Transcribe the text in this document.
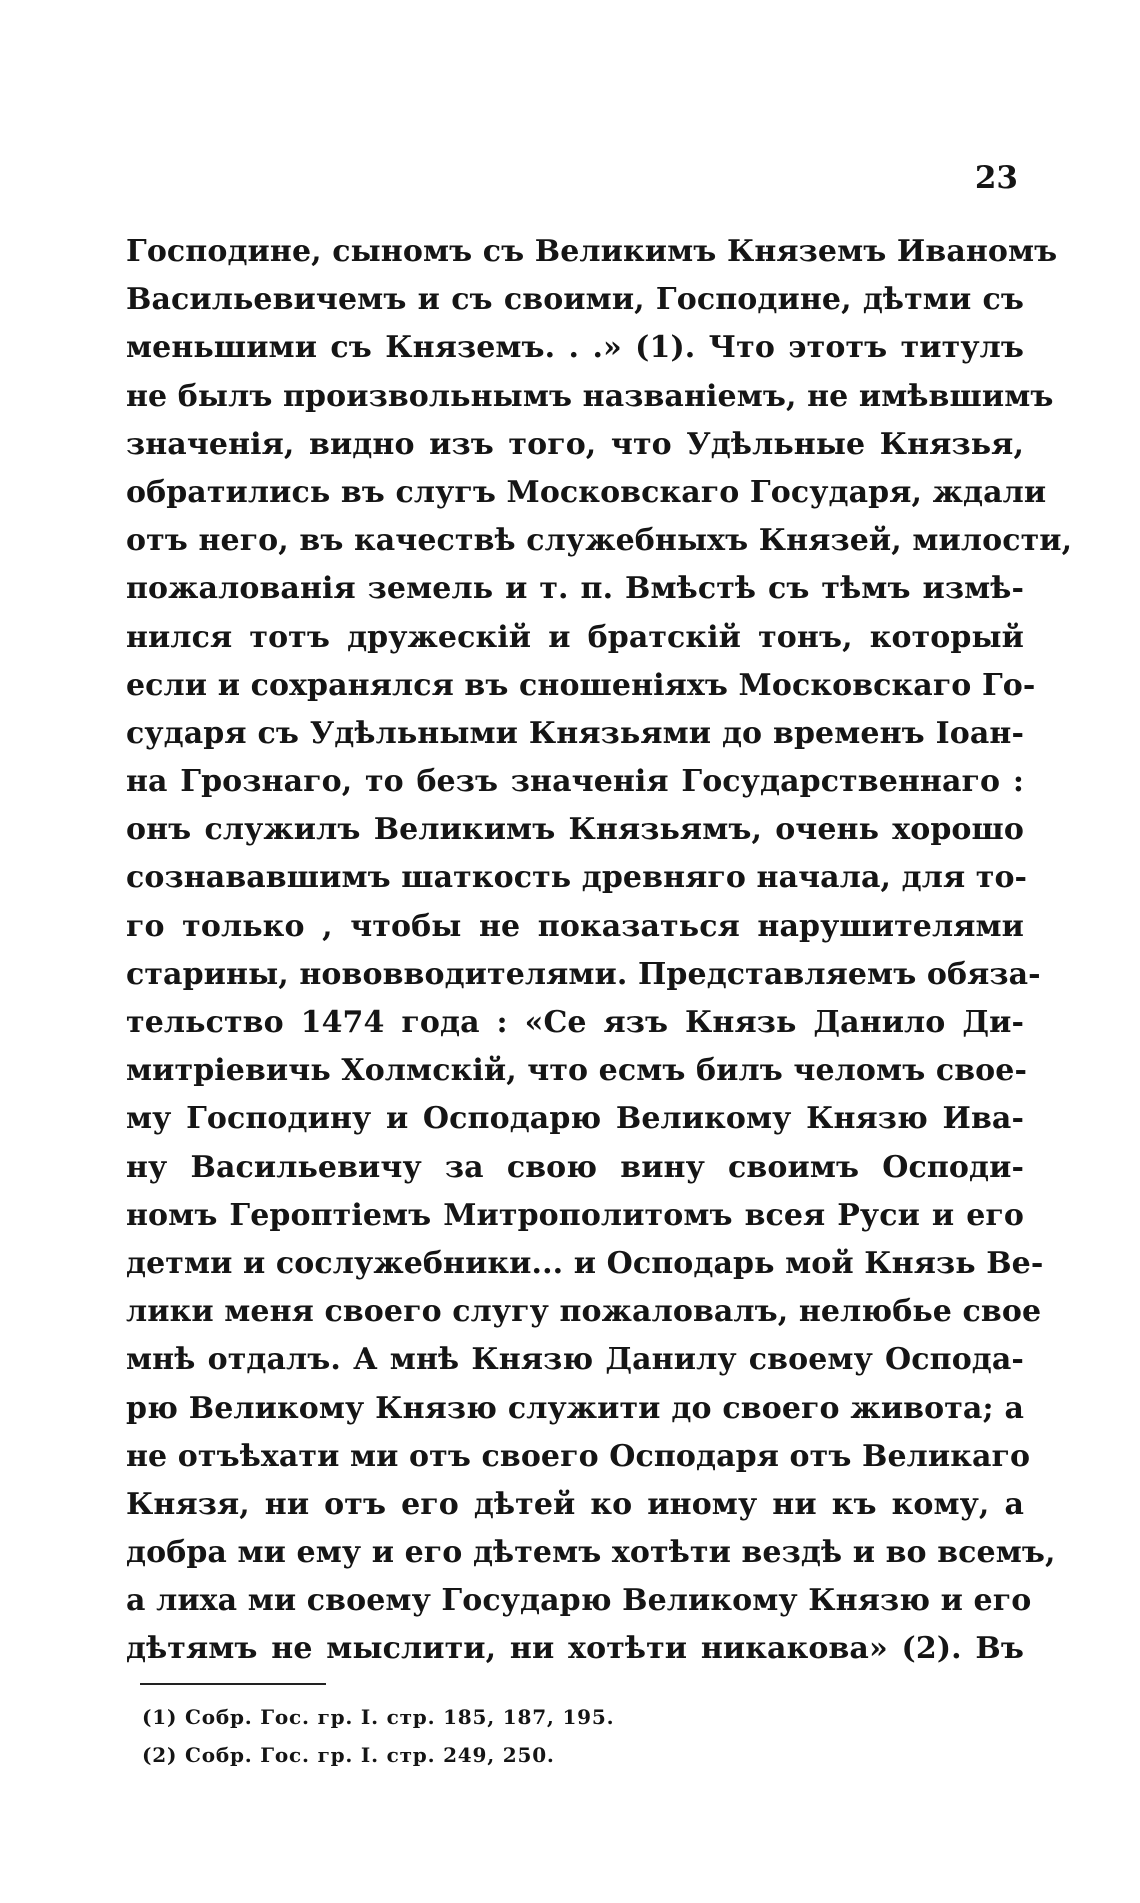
23
Господине, сыномъ съ Великимъ Княземъ Иваномъ
Васильевичемъ и съ своими, Господине, дѣтми съ
меньшими съ Княземъ. . .» (1). Что этотъ титулъ
не былъ произвольнымъ названіемъ, не имѣвшимъ
значенія, видно изъ того, что Удѣльные Князья,
обратились въ слугъ Московскаго Государя, ждали
отъ него, въ качествѣ служебныхъ Князей, милости,
пожалованія земель и т. п. Вмѣстѣ съ тѣмъ измѣ-
нился тотъ дружескій и братскій тонъ, который
если и сохранялся въ сношеніяхъ Московскаго Го-
сударя съ Удѣльными Князьями до временъ Іоан-
на Грознаго, то безъ значенія Государственнаго :
онъ служилъ Великимъ Князьямъ, очень хорошо
сознававшимъ шаткость древняго начала, для то-
го только , чтобы не показаться нарушителями
старины, нововводителями. Представляемъ обяза-
тельство 1474 года : «Се язъ Князь Данило Ди-
митріевичь Холмскій, что есмъ билъ челомъ свое-
му Господину и Осподарю Великому Князю Ива-
ну Васильевичу за свою вину своимъ Осподи-
номъ Героптіемъ Митрополитомъ всея Руси и его
детми и сослужебники... и Осподарь мой Князь Ве-
лики меня своего слугу пожаловалъ, нелюбье свое
мнѣ отдалъ. А мнѣ Князю Данилу своему Осподa-
рю Великому Князю служити до своего живота; а
не отъѣхати ми отъ своего Осподаря отъ Великаго
Князя, ни отъ его дѣтей ко иному ни къ кому, а
добра ми ему и его дѣтемъ хотѣти вездѣ и во всемъ,
а лиха ми своему Государю Великому Князю и его
дѣтямъ не мыслити, ни хотѣти никакова» (2). Въ
(1) Собр. Гос. гр. I. стр. 185, 187, 195.
(2) Собр. Гос. гр. I. стр. 249, 250.
